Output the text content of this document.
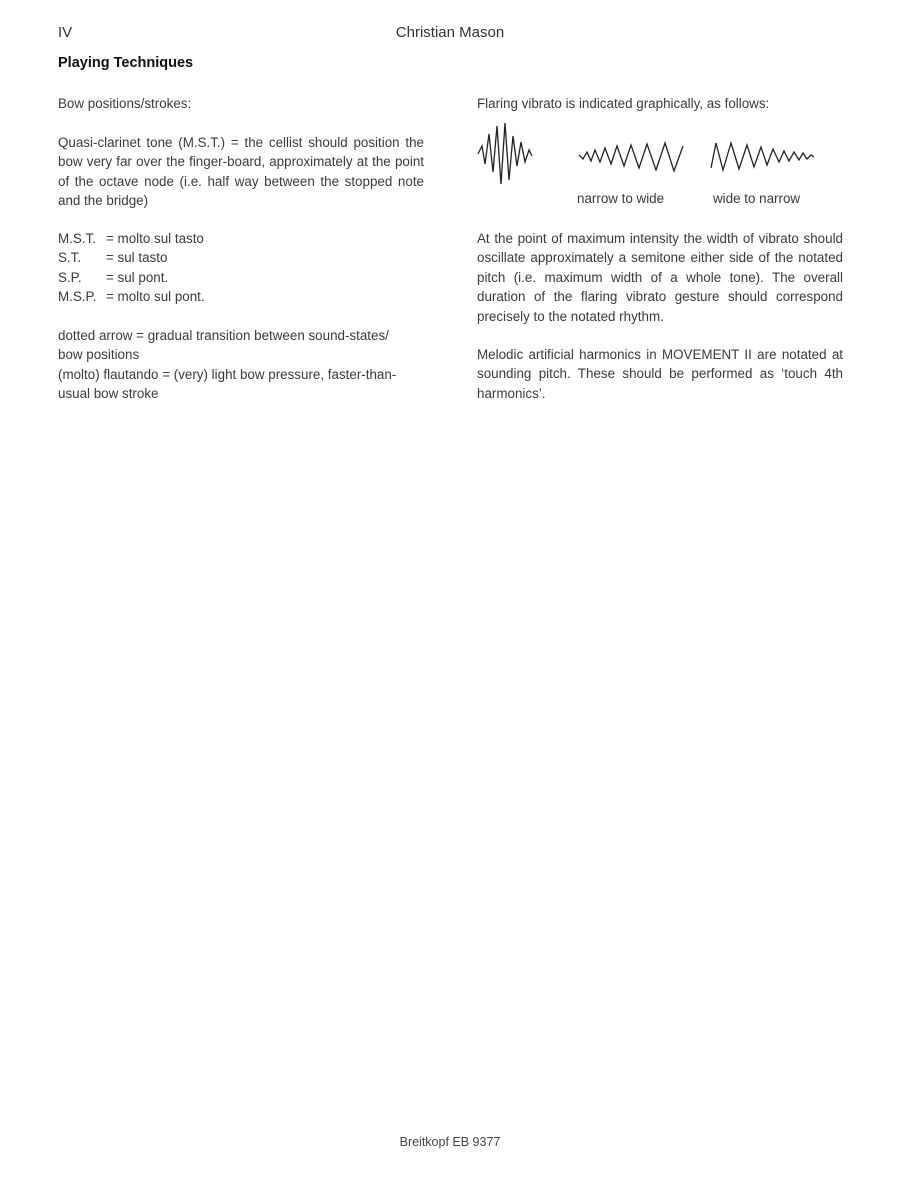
IV	Christian Mason
Playing Techniques
Bow positions/strokes:
Quasi-clarinet tone (M.S.T.) = the cellist should position the bow very far over the finger-board, approximately at the point of the octave node (i.e. half way between the stopped note and the bridge)
M.S.T. = molto sul tasto
S.T.	= sul tasto
S.P.	= sul pont.
M.S.P. = molto sul pont.
dotted arrow = gradual transition between sound-states/ bow positions
(molto) flautando = (very) light bow pressure, faster-than-usual bow stroke
Flaring vibrato is indicated graphically, as follows:
narrow to wide	wide to narrow
At the point of maximum intensity the width of vibrato should oscillate approximately a semitone either side of the notated pitch (i.e. maximum width of a whole tone). The overall duration of the flaring vibrato gesture should correspond precisely to the notated rhythm.
Melodic artificial harmonics in MOVEMENT II are notated at sounding pitch. These should be performed as ‘touch 4th harmonics’.
Breitkopf EB 9377
